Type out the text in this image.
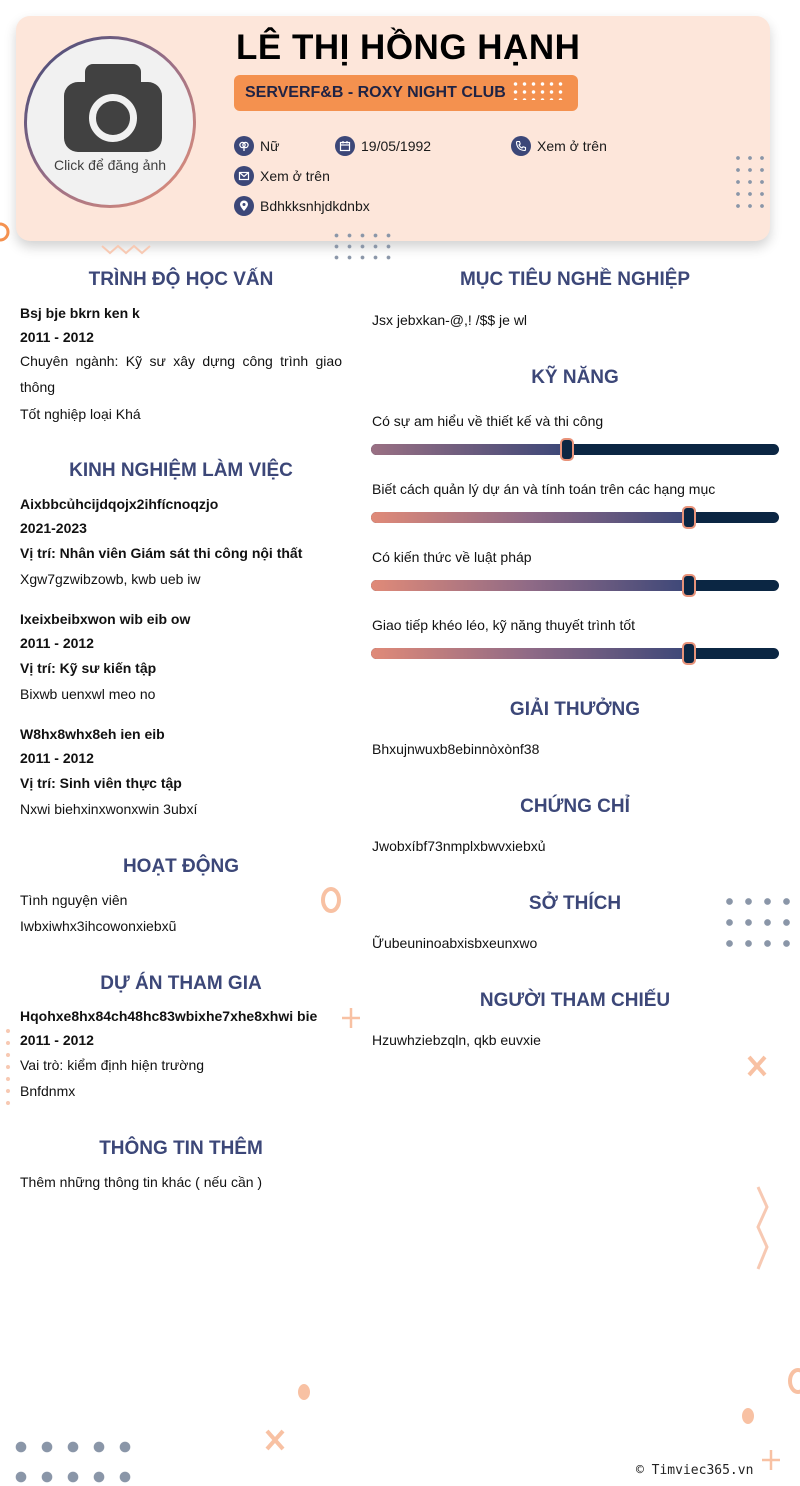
Click để đăng ảnh
LÊ THỊ HỒNG HẠNH
SERVERF&B - ROXY NIGHT CLUB
Nữ	19/05/1992	Xem ở trên
Xem ở trên
Bdhkksnhjdkdnbx
TRÌNH ĐỘ HỌC VẤN
Bsj bje bkrn ken k
2011 - 2012
Chuyên ngành: Kỹ sư xây dựng công trình giao thông
Tốt nghiệp loại Khá
KINH NGHIỆM LÀM VIỆC
Aixbbcủhcijdqojx2ihfícnoqzjo
2021-2023
Vị trí: Nhân viên Giám sát thi công nội thất
Xgw7gzwibzowb, kwb ueb iw
Ixeixbeibxwon wib eib ow
2011 - 2012
Vị trí: Kỹ sư kiến tập
Bixwb uenxwl meo no
W8hx8whx8eh ien eib
2011 - 2012
Vị trí: Sinh viên thực tập
Nxwi biehxinxwonxwin 3ubxí
HOẠT ĐỘNG
Tình nguyện viên
Iwbxiwhx3ihcowonxiebxũ
DỰ ÁN THAM GIA
Hqohxe8hx84ch48hc83wbixhe7xhe8xhwi bie
2011 - 2012
Vai trò: kiểm định hiện trường
Bnfdnmx
THÔNG TIN THÊM
Thêm những thông tin khác ( nếu cần )
MỤC TIÊU NGHỀ NGHIỆP
Jsx jebxkan-@,! /$$ je wl
KỸ NĂNG
Có sự am hiểu về thiết kế và thi công
Biết cách quản lý dự án và tính toán trên các hạng mục
Có kiến thức về luật pháp
Giao tiếp khéo léo, kỹ năng thuyết trình tốt
GIẢI THƯỞNG
Bhxujnwuxb8ebinnòxònf38
CHỨNG CHỈ
Jwobxíbf73nmplxbwvxiebxủ
SỞ THÍCH
Ữubeuninoabxisbxeunxwo
NGƯỜI THAM CHIẾU
Hzuwhziebzqln, qkb euvxie
© Timviec365.vn
